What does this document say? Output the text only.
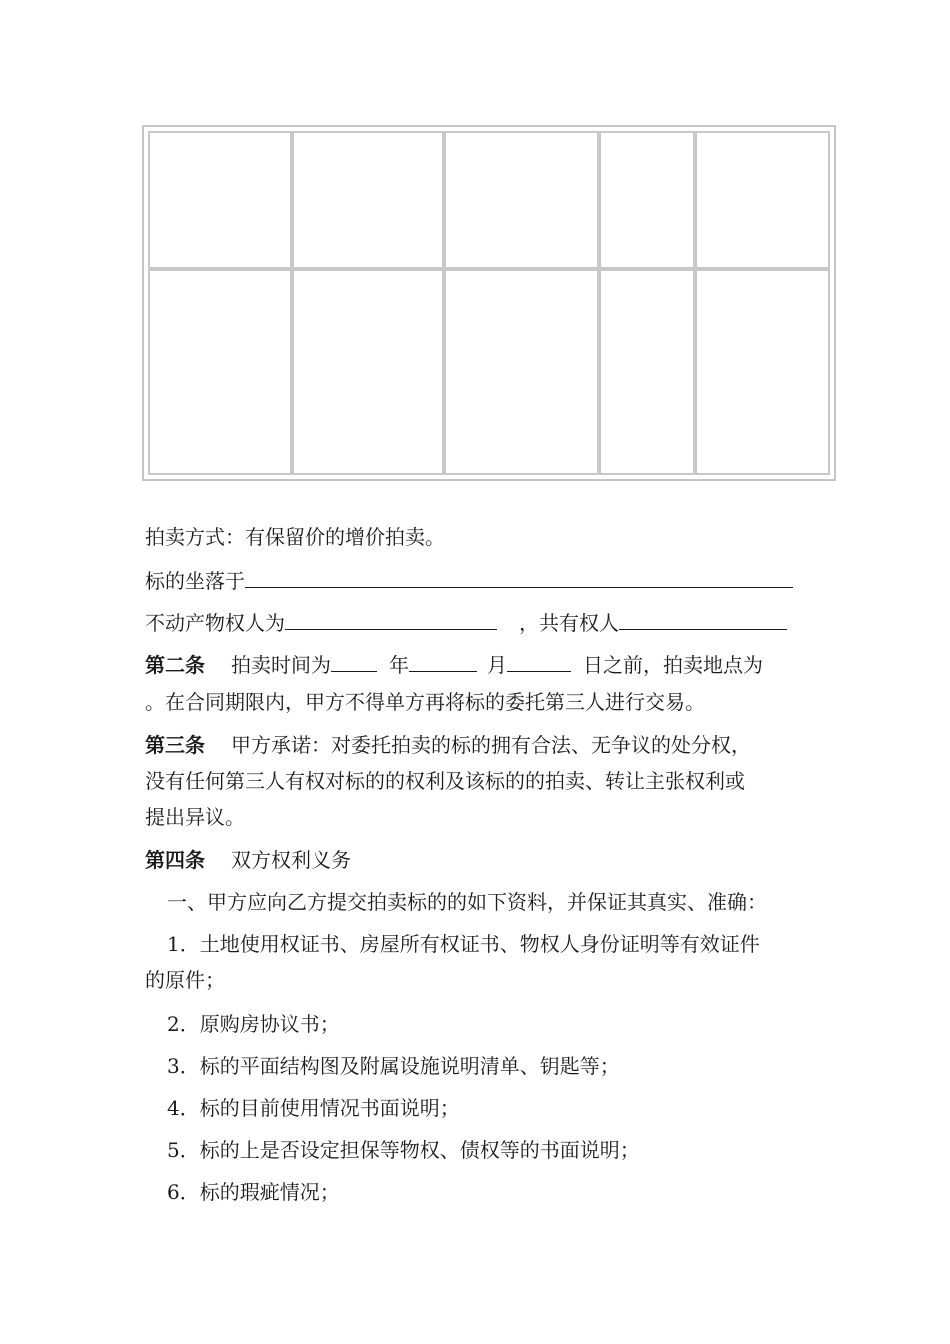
拍卖方式：有保留价的增价拍卖。
标的坐落于
不动产物权人为	，共有权人
第二条 拍卖时间为	年	月	日之前，拍卖地点为
。在合同期限内，甲方不得单方再将标的委托第三人进行交易。
第三条 甲方承诺：对委托拍卖的标的拥有合法、无争议的处分权，
没有任何第三人有权对标的的权利及该标的的拍卖、转让主张权利或
提出异议。
第四条 双方权利义务
一、甲方应向乙方提交拍卖标的的如下资料，并保证其真实、准确：
1．土地使用权证书、房屋所有权证书、物权人身份证明等有效证件
的原件；
2．原购房协议书；
3．标的平面结构图及附属设施说明清单、钥匙等；
4．标的目前使用情况书面说明；
5．标的上是否设定担保等物权、债权等的书面说明；
6．标的瑕疵情况；
